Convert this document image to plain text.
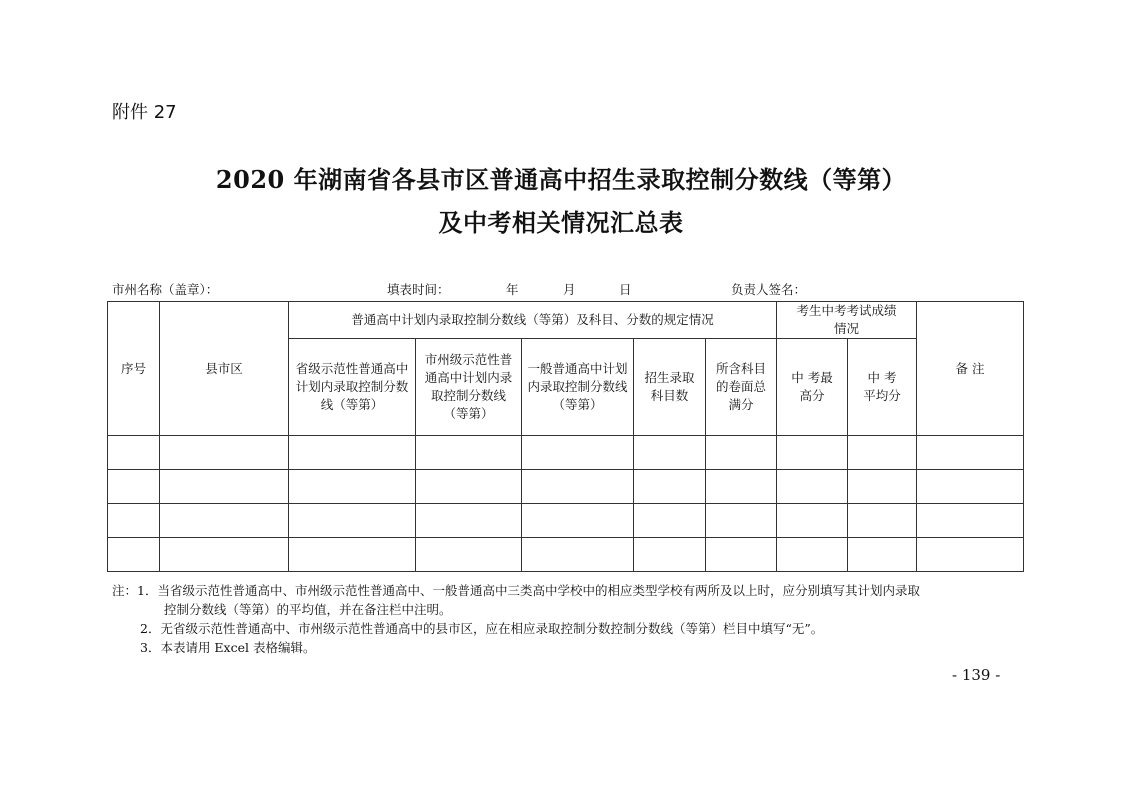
附件 27
2020 年湖南省各县市区普通高中招生录取控制分数线（等第）
及中考相关情况汇总表
市州名称（盖章）：	填表时间：	年	月	日	负责人签名：
序号	县市区	普通高中计划内录取控制分数线（等第）及科目、分数的规定情况					考生中考考试成绩情况		备 注
		省级示范性普通高中计划内录取控制分数线（等第）	市州级示范性普通高中计划内录取控制分数线（等第）	一般普通高中计划内录取控制分数线（等第）	招生录取科目数	所含科目的卷面总满分	中 考最高分	中 考平均分	

注：1．当省级示范性普通高中、市州级示范性普通高中、一般普通高中三类高中学校中的相应类型学校有两所及以上时，应分别填写其计划内录取
控制分数线（等第）的平均值，并在备注栏中注明。
2．无省级示范性普通高中、市州级示范性普通高中的县市区，应在相应录取控制分数控制分数线（等第）栏目中填写“无”。
3．本表请用 Excel 表格编辑。
- 139 -
